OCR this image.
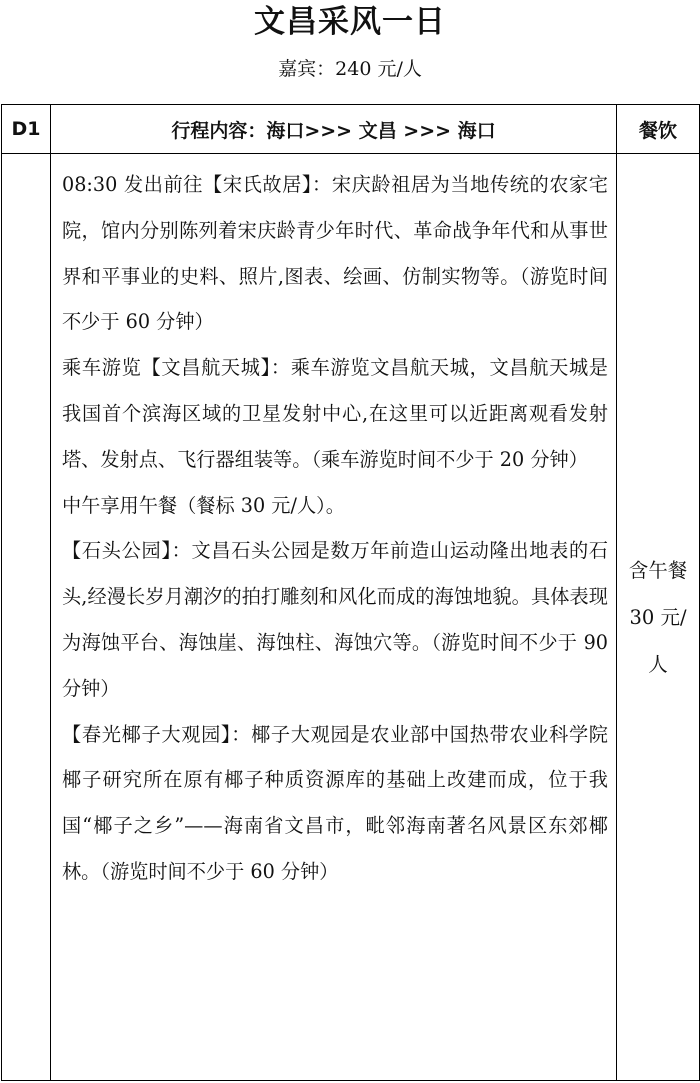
文昌采风一日
嘉宾：240 元/人
D1	行程内容：海口>>> 文昌 >>> 海口	餐饮

	08:30 发出前往【宋氏故居】：宋庆龄祖居为当地传统的农家宅院，馆内分别陈列着宋庆龄青少年时代、革命战争年代和从事世界和平事业的史料、照片,图表、绘画、仿制实物等。（游览时间不少于 60 分钟）

乘车游览【文昌航天城】：乘车游览文昌航天城，文昌航天城是我国首个滨海区域的卫星发射中心,在这里可以近距离观看发射塔、发射点、飞行器组装等。（乘车游览时间不少于 20 分钟）

中午享用午餐（餐标 30 元/人）。

【石头公园】：文昌石头公园是数万年前造山运动隆出地表的石头,经漫长岁月潮汐的拍打雕刻和风化而成的海蚀地貌。具体表现为海蚀平台、海蚀崖、海蚀柱、海蚀穴等。（游览时间不少于 90 分钟）

【春光椰子大观园】：椰子大观园是农业部中国热带农业科学院椰子研究所在原有椰子种质资源库的基础上改建而成，位于我国“椰子之乡”——海南省文昌市，毗邻海南著名风景区东郊椰林。（游览时间不少于 60 分钟）	含午餐 30 元/人
